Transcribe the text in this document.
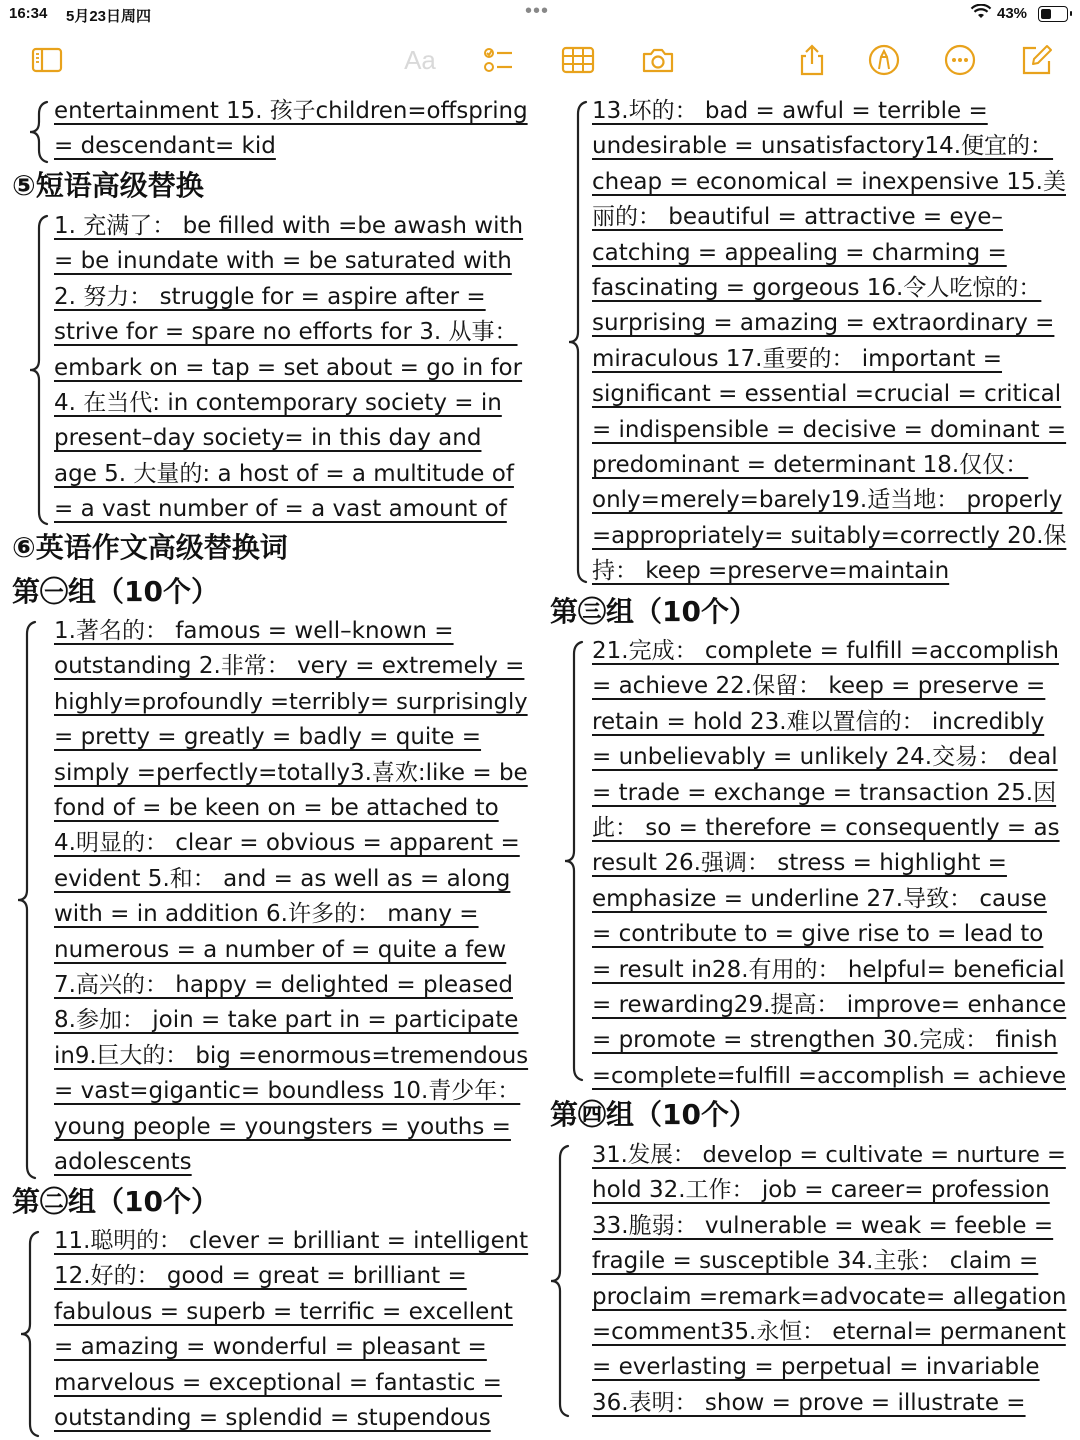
16:34 5月23日周四	•••	43%
Aa
entertainment 15. 孩子children=offspring
= descendant= kid
⑤短语高级替换
1. 充满了： be filled with =be awash with
= be inundate with = be saturated with
2. 努力： struggle for = aspire after =
strive for = spare no efforts for 3. 从事：
embark on = tap = set about = go in for
4. 在当代: in contemporary society = in
present–day society= in this day and
age 5. 大量的: a host of = a multitude of
= a vast number of = a vast amount of
⑥英语作文高级替换词
第㊀组（10个）
1.著名的： famous = well–known =
outstanding 2.非常： very = extremely =
highly=profoundly =terribly= surprisingly
= pretty = greatly = badly = quite =
simply =perfectly=totally3.喜欢:like = be
fond of = be keen on = be attached to
4.明显的： clear = obvious = apparent =
evident 5.和： and = as well as = along
with = in addition 6.许多的： many =
numerous = a number of = quite a few
7.高兴的： happy = delighted = pleased
8.参加： join = take part in = participate
in9.巨大的： big =enormous=tremendous
= vast=gigantic= boundless 10.青少年：
young people = youngsters = youths =
adolescents
第㊁组（10个）
11.聪明的： clever = brilliant = intelligent
12.好的： good = great = brilliant =
fabulous = superb = terrific = excellent
= amazing = wonderful = pleasant =
marvelous = exceptional = fantastic =
outstanding = splendid = stupendous
13.坏的： bad = awful = terrible =
undesirable = unsatisfactory14.便宜的：
cheap = economical = inexpensive 15.美
丽的： beautiful = attractive = eye–
catching = appealing = charming =
fascinating = gorgeous 16.令人吃惊的：
surprising = amazing = extraordinary =
miraculous 17.重要的： important =
significant = essential =crucial = critical
= indispensible = decisive = dominant =
predominant = determinant 18.仅仅：
only=merely=barely19.适当地： properly
=appropriately= suitably=correctly 20.保
持： keep =preserve=maintain
第㊂组（10个）
21.完成： complete = fulfill =accomplish
= achieve 22.保留： keep = preserve =
retain = hold 23.难以置信的： incredibly
= unbelievably = unlikely 24.交易： deal
= trade = exchange = transaction 25.因
此： so = therefore = consequently = as
result 26.强调： stress = highlight =
emphasize = underline 27.导致： cause
= contribute to = give rise to = lead to
= result in28.有用的： helpful= beneficial
= rewarding29.提高： improve= enhance
= promote = strengthen 30.完成： finish
=complete=fulfill =accomplish = achieve
第㊃组（10个）
31.发展： develop = cultivate = nurture =
hold 32.工作： job = career= profession
33.脆弱： vulnerable = weak = feeble =
fragile = susceptible 34.主张： claim =
proclaim =remark=advocate= allegation
=comment35.永恒： eternal= permanent
= everlasting = perpetual = invariable
36.表明： show = prove = illustrate =
